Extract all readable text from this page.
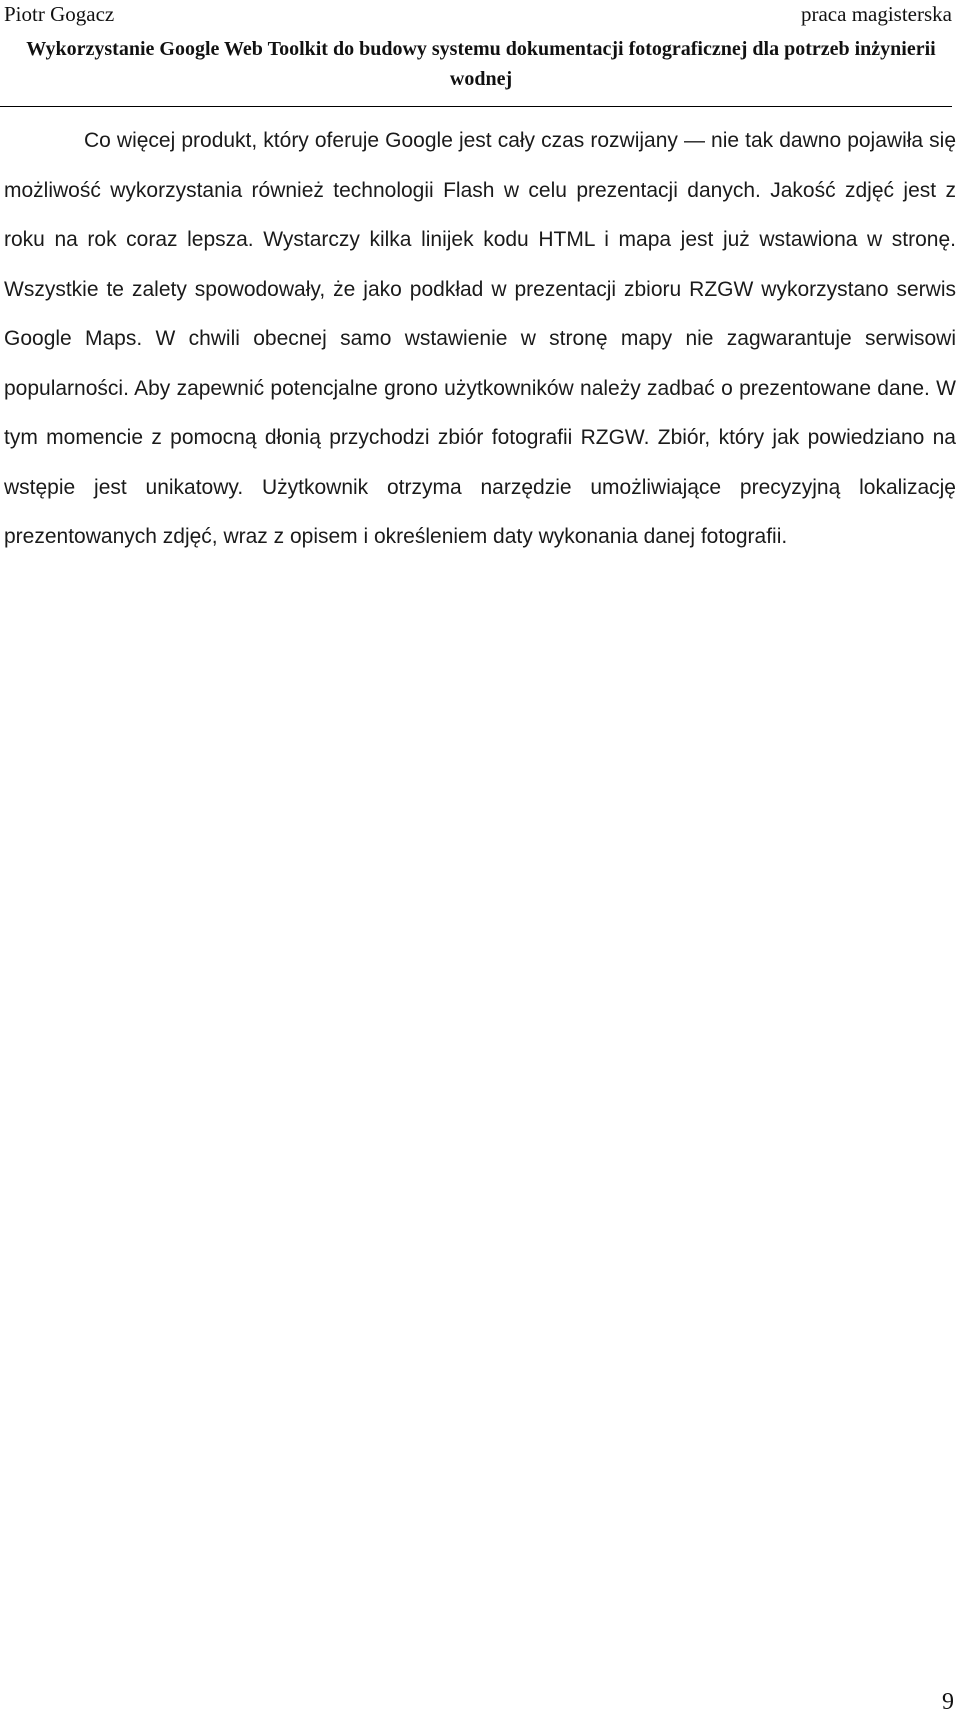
Piotr Gogacz	praca magisterska
Wykorzystanie Google Web Toolkit do budowy systemu dokumentacji fotograficznej dla potrzeb inżynierii wodnej

Co więcej produkt, który oferuje Google jest cały czas rozwijany — nie tak dawno pojawiła się możliwość wykorzystania również technologii Flash w celu prezentacji danych. Jakość zdjęć jest z roku na rok coraz lepsza. Wystarczy kilka linijek kodu HTML i mapa jest już wstawiona w stronę. Wszystkie te zalety spowodowały, że jako podkład w prezentacji zbioru RZGW wykorzystano serwis Google Maps. W chwili obecnej samo wstawienie w stronę mapy nie zagwarantuje serwisowi popularności. Aby zapewnić potencjalne grono użytkowników należy zadbać o prezentowane dane. W tym momencie z pomocną dłonią przychodzi zbiór fotografii RZGW. Zbiór, który jak powiedziano na wstępie jest unikatowy. Użytkownik otrzyma narzędzie umożliwiające precyzyjną lokalizację prezentowanych zdjęć, wraz z opisem i określeniem daty wykonania danej fotografii.

9
